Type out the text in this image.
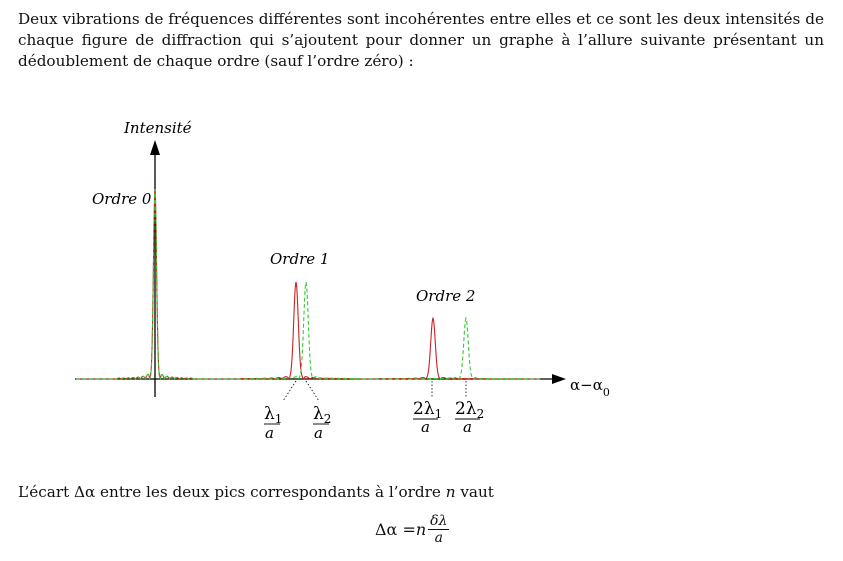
Deux vibrations de fréquences différentes sont incohérentes entre elles et ce sont les deux intensités de chaque figure de diffraction qui s’ajoutent pour donner un graphe à l’allure suivante présentant un dédoublement de chaque ordre (sauf l’ordre zéro) :

Intensité
$\alpha-\alpha_0$
Ordre 0
Ordre 1
Ordre 2
$\lambda_1$
a
$\lambda_2$
a
$2\lambda_1$
a
$2\lambda_2$
a

L’écart Δα entre les deux pics correspondants à l’ordre n vaut

Δα = n $\frac{\delta\lambda}{a}$
